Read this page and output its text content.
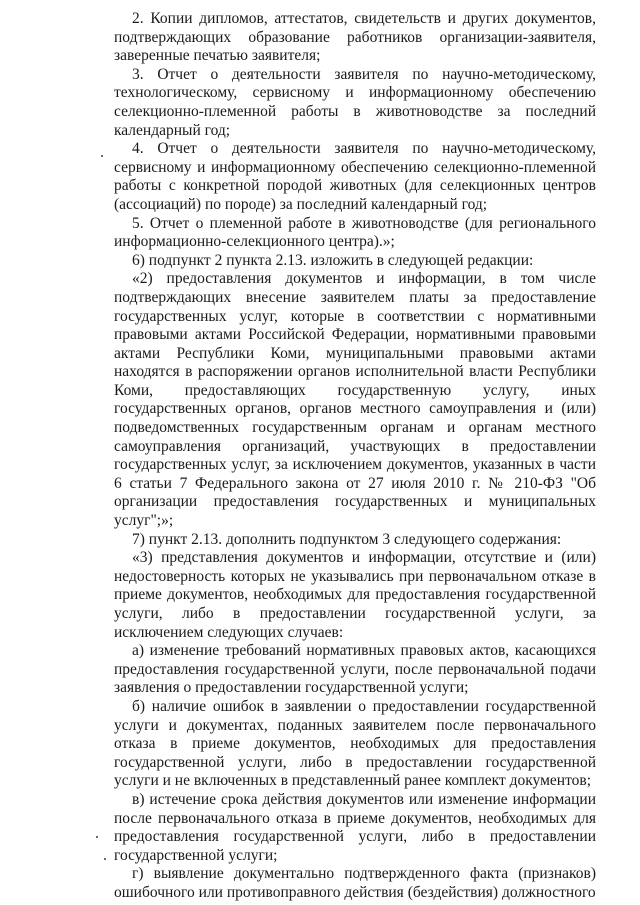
2. Копии дипломов, аттестатов, свидетельств и других документов, подтверждающих образование работников организации-заявителя, заверенные печатью заявителя;

3. Отчет о деятельности заявителя по научно-методическому, технологическому, сервисному и информационному обеспечению селекционно-племенной работы в животноводстве за последний календарный год;

4. Отчет о деятельности заявителя по научно-методическому, сервисному и информационному обеспечению селекционно-племенной работы с конкретной породой животных (для селекционных центров (ассоциаций) по породе) за последний календарный год;

5. Отчет о племенной работе в животноводстве (для регионального информационно-селекционного центра).»;

6) подпункт 2 пункта 2.13. изложить в следующей редакции:

«2) предоставления документов и информации, в том числе подтверждающих внесение заявителем платы за предоставление государственных услуг, которые в соответствии с нормативными правовыми актами Российской Федерации, нормативными правовыми актами Республики Коми, муниципальными правовыми актами находятся в распоряжении органов исполнительной власти Республики Коми, предоставляющих государственную услугу, иных государственных органов, органов местного самоуправления и (или) подведомственных государственным органам и органам местного самоуправления организаций, участвующих в предоставлении государственных услуг, за исключением документов, указанных в части 6 статьи 7 Федерального закона от 27 июля 2010 г. № 210-ФЗ "Об организации предоставления государственных и муниципальных услуг";»;

7) пункт 2.13. дополнить подпунктом 3 следующего содержания:

«3) представления документов и информации, отсутствие и (или) недостоверность которых не указывались при первоначальном отказе в приеме документов, необходимых для предоставления государственной услуги, либо в предоставлении государственной услуги, за исключением следующих случаев:

а) изменение требований нормативных правовых актов, касающихся предоставления государственной услуги, после первоначальной подачи заявления о предоставлении государственной услуги;

б) наличие ошибок в заявлении о предоставлении государственной услуги и документах, поданных заявителем после первоначального отказа в приеме документов, необходимых для предоставления государственной услуги, либо в предоставлении государственной услуги и не включенных в представленный ранее комплект документов;

в) истечение срока действия документов или изменение информации после первоначального отказа в приеме документов, необходимых для предоставления государственной услуги, либо в предоставлении государственной услуги;

г) выявление документально подтвержденного факта (признаков) ошибочного или противоправного действия (бездействия) должностного
